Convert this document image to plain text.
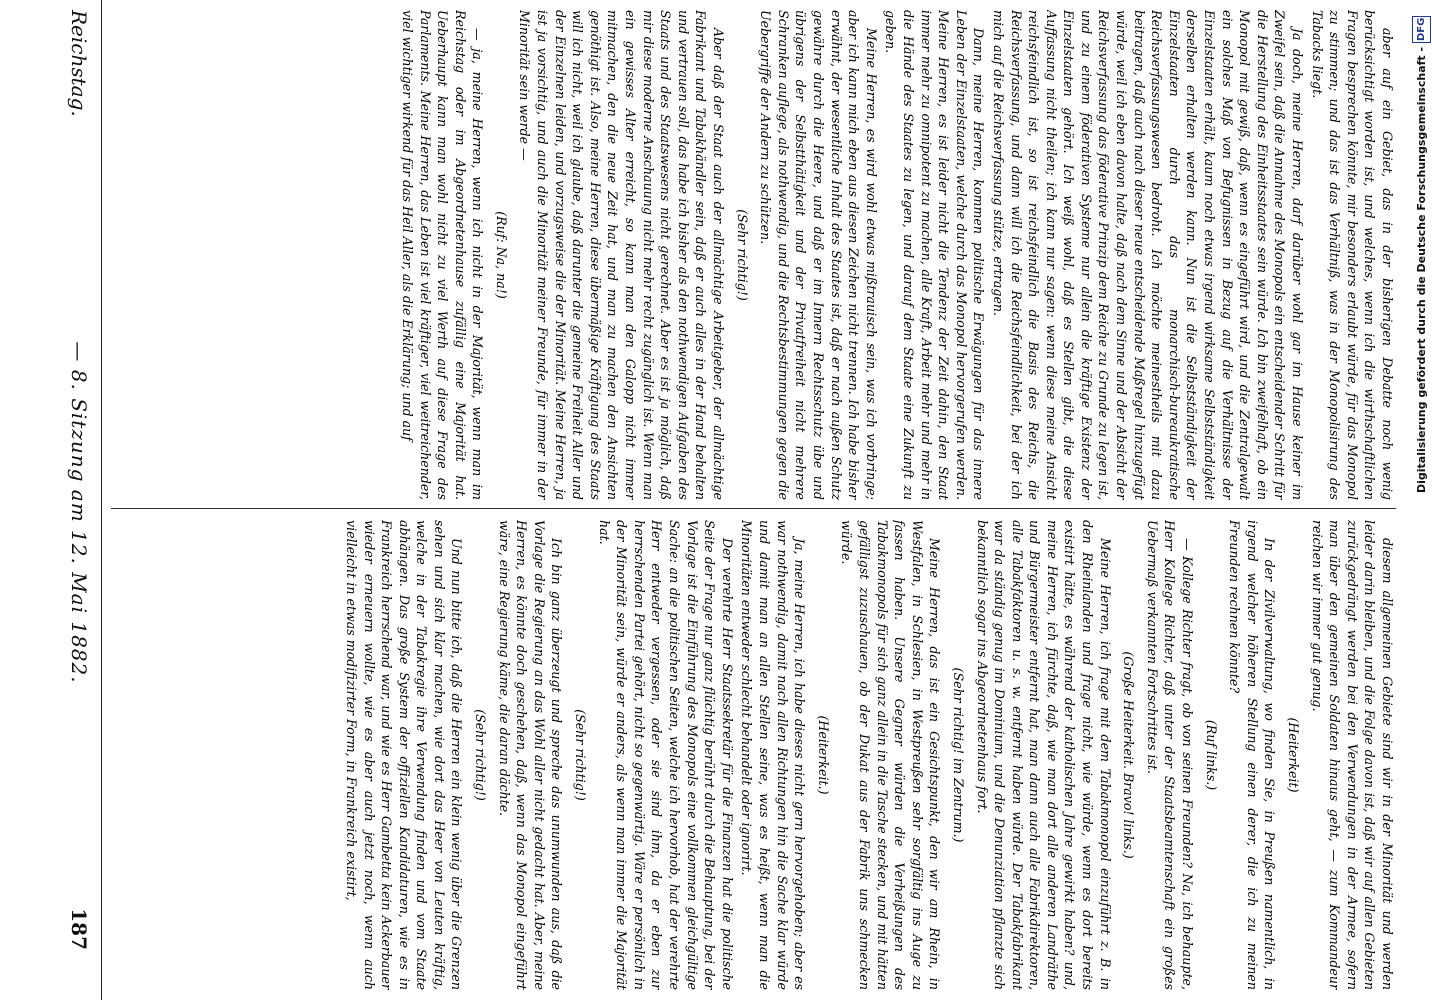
aber auf ein Gebiet, das in der bisherigen Debatte noch wenig berücksichtigt worden ist, und welches, wenn ich die wirthschaftlichen Fragen besprechen könnte, mir besonders erlaubt würde, für das Monopol zu stimmen; und das ist das Verhältniß, was in der Monopolisirung des Tabacks liegt.

Ja doch, meine Herren, darf darüber wohl gar im Hause keiner im Zweifel sein, daß die Annahme des Monopols ein entscheidender Schritt für die Herstellung des Einheitsstaates sein würde. Ich bin zweifelhaft, ob ein Monopol mit gewiß, daß, wenn es eingeführt wird, und die Zentralgewalt ein solches Maß von Befugnissen in Bezug auf die Verhältnisse der Einzelstaaten erhält, kaum noch etwas irgend wirksame Selbstständigkeit derselben erhalten werden kann. Nun ist die Selbstständigkeit der Einzelstaaten durch das monarchisch-bureaukratische Reichsverfassungswesen bedroht. Ich möchte meinestheils mit dazu beitragen, daß auch nach dieser neue entscheidende Maßregel hinzugefügt würde, weil ich eben davon halte, daß nach dem Sinne und der Absicht der Reichsverfassung das föderative Prinzip dem Reiche zu Grunde zu legen ist, und zu einem föderativen Systeme nur allein die kräftige Existenz der Einzelstaaten gehört. Ich weiß wohl, daß es Stellen gibt, die diese Auffassung nicht theilen; ich kann nur sagen: wenn diese meine Ansicht reichsfeindlich ist, so ist reichsfeindlich die Basis des Reichs, die Reichsverfassung, und dann will ich die Reichsfeindlichkeit, bei der ich mich auf die Reichsverfassung stütze, ertragen.

Dann, meine Herren, kommen politische Erwägungen für das innere Leben der Einzelstaaten, welche durch das Monopol hervorgerufen werden. Meine Herren, es ist leider nicht die Tendenz der Zeit dahin, den Staat immer mehr zu omnipotent zu machen, alle Kraft, Arbeit mehr und mehr in die Hände des Staates zu legen, und darauf dem Staate eine Zukunft zu geben.

Meine Herren, es wird wohl etwas mißtrauisch sein, was ich vorbringe; aber ich kann mich eben aus diesen Zeichen nicht trennen. Ich habe bisher erwähnt, der wesentliche Inhalt des Staates ist, daß er nach außen Schutz gewähre durch die Heere, und daß er im Innern Rechtsschutz übe und übrigens der Selbstthätigkeit und der Privatfreiheit nicht mehrere Schranken auflege, als nothwendig, und die Rechtsbestimmungen gegen die Uebergriffe der Andern zu schützen.

(Sehr richtig!)

Aber daß der Staat auch der allmächtige Arbeitgeber, der allmächtige Fabrikant und Tabakhändler sein, daß er auch alles in der Hand behalten und vertrauen soll, das habe ich bisher als den nothwendigen Aufgaben des Staats und des Staatswesens nicht gerechnet. Aber es ist ja möglich, daß mir diese moderne Anschauung nicht mehr recht zugänglich ist. Wenn man ein gewisses Alter erreicht, so kann man den Galopp nicht immer mitmachen, den die neue Zeit hat, und man zu machen den Ansichten genöthigt ist. Also, meine Herren, diese übermäßige Kräftigung des Staats will ich nicht, weil ich glaube, daß darunter die gemeine Freiheit Aller und der Einzelnen leiden, und vorzugsweise die der Minorität. Meine Herren, ja ist ja vorsichtig, und auch die Minorität meiner Freunde, für immer in der Minorität sein werde —

(Ruf: Na, na!)

— ja, meine Herren, wenn ich nicht in der Majorität, wenn man im Reichstag oder im Abgeordnetenhause zufällig eine Majorität hat. Ueberhaupt kann man wohl nicht zu viel Werth auf diese Frage des Parlaments. Meine Herren, das Leben ist viel kräftiger, viel weitreichender, viel wichtiger wirkend für das Heil Aller, als die Erklärung; und auf

diesem allgemeinen Gebiete sind wir in der Minorität und werden leider darin bleiben, und die Folge davon ist, daß wir auf allen Gebieten zurückgedrängt werden bei den Verwendungen in der Armee, sofern man über den gemeinen Soldaten hinaus geht, — zum Kommandeur reichen wir immer gut genug.

(Heiterkeit)

In der Zivilverwaltung, wo finden Sie, in Preußen namentlich, in irgend welcher höheren Stellung einen derer, die ich zu meinen Freunden rechnen könnte?

(Ruf links.)

— Kollege Richter fragt, ob von seinen Freunden? Na, ich behaupte, Herr Kollege Richter, daß unter der Staatsbeamtenschaft ein großes Uebermaß verkannten Fortschrittes ist.

(Große Heiterkeit. Bravo! links.)

Meine Herren, ich frage mit dem Tabakmonopol einzuführt z. B. in den Rheinlanden und frage nicht, wie würde, wenn es dort bereits existirt hätte, es während der katholischen Jahre gewirkt haben? und, meine Herren, ich fürchte, daß, wie man dort alle anderen Landräthe und Bürgermeister entfernt hat, man dann auch alle Fabrikdirektoren, alle Tabakfaktoren u. s. w. entfernt haben würde. Der Tabakfabrikant war da ständig genug im Dominium, und die Denunziation pflanzte sich bekanntlich sogar ins Abgeordnetenhaus fort.

(Sehr richtig! im Zentrum.)

Meine Herren, das ist ein Gesichtspunkt, den wir am Rhein, in Westfalen, in Schlesien, in Westpreußen sehr sorgfältig ins Auge zu fassen haben. Unsere Gegner würden die Verheißungen des Tabakmonopols für sich ganz allein in die Tasche stecken, und mit hätten gefälligst zuzuschauen, ob der Dukat aus der Fabrik uns schmecken würde.

(Heiterkeit.)

Ja, meine Herren, ich habe dieses nicht gern hervorgehoben; aber es war nothwendig, damit nach allen Richtungen hin die Sache klar würde und damit man an allen Stellen seine, was es heißt, wenn man die Minoritäten entweder schlecht behandelt oder ignorirt.

Der verehrte Herr Staatssekretär für die Finanzen hat die politische Seite der Frage nur ganz flüchtig berührt durch die Behauptung, bei der Vorlage ist die Einführung des Monopols eine vollkommen gleichgültige Sache: an die politischen Seiten, welche ich hervorhob, hat der verehrte Herr entweder vergessen, oder sie sind ihm, da er eben zur herrschenden Partei gehört, nicht so gegenwärtig. Wäre er persönlich in der Minorität sein, würde er anders, als wenn man immer die Majorität hat.

(Sehr richtig!)

Ich bin ganz überzeugt und spreche das unumwunden aus, daß die Vorlage die Regierung an das Wohl aller nicht gedacht hat. Aber, meine Herren, es könnte doch geschehen, daß, wenn das Monopol eingeführt wäre, eine Regierung käme, die daran dächte.

(Sehr richtig!)

Und nun bitte ich, daß die Herren ein klein wenig über die Grenzen sehen und sich klar machen, wie dort das Heer von Leuten kräftig, welche in der Tabakregie ihre Verwendung finden und vom Staate abhängen. Das große System der offiziellen Kandidaturen, wie es in Frankreich herrschend war, und wie es Herr Gambetta kein Ackerbauer wieder erneuern wollte, wie es aber auch jetzt noch, wenn auch vielleicht in etwas modifizirter Form, in Frankreich existirt,

Reichstag.
— 8. Sitzung am 12. Mai 1882.
187
Digitalisierung gefördert durch die Deutsche Forschungsgemeinschaft - DFG
